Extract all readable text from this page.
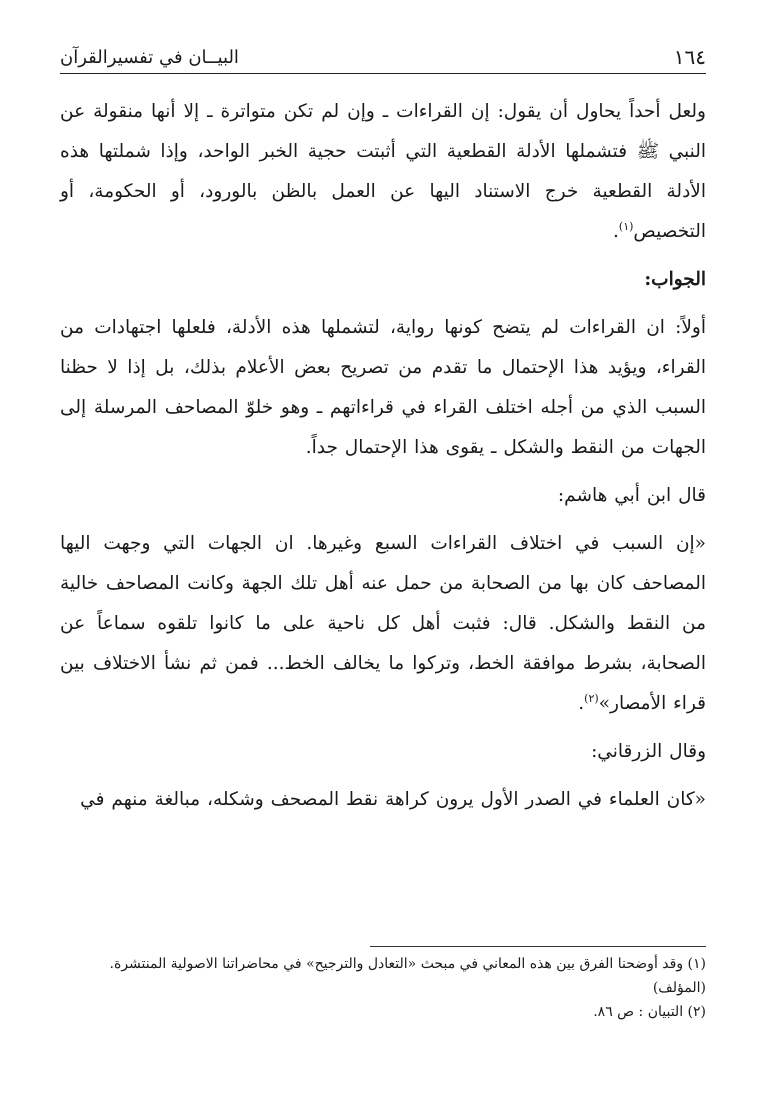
١٦٤
البيــان في تفسيرالقرآن

ولعل أحداً يحاول أن يقول: إن القراءات ـ وإن لم تكن متواترة ـ إلا أنها منقولة عن النبي ﷺ فتشملها الأدلة القطعية التي أثبتت حجية الخبر الواحد، وإذا شملتها هذه الأدلة القطعية خرج الاستناد اليها عن العمل بالظن بالورود، أو الحكومة، أو التخصيص$^{(١)}$.

الجواب:

أولاً: ان القراءات لم يتضح كونها رواية، لتشملها هذه الأدلة، فلعلها اجتهادات من القراء، ويؤيد هذا الإحتمال ما تقدم من تصريح بعض الأعلام بذلك، بل إذا لا حظنا السبب الذي من أجله اختلف القراء في قراءاتهم ـ وهو خلوّ المصاحف المرسلة إلى الجهات من النقط والشكل ـ يقوى هذا الإحتمال جداً.

قال ابن أبي هاشم:

«إن السبب في اختلاف القراءات السبع وغيرها. ان الجهات التي وجهت اليها المصاحف كان بها من الصحابة من حمل عنه أهل تلك الجهة وكانت المصاحف خالية من النقط والشكل. قال: فثبت أهل كل ناحية على ما كانوا تلقوه سماعاً عن الصحابة، بشرط موافقة الخط، وتركوا ما يخالف الخط... فمن ثم نشأ الاختلاف بين قراء الأمصار»$^{(٢)}$.

وقال الزرقاني:

«كان العلماء في الصدر الأول يرون كراهة نقط المصحف وشكله، مبالغة منهم في

(١) وقد أوضحنا الفرق بين هذه المعاني في مبحث «التعادل والترجيح» في محاضراتنا الاصولية المنتشرة. (المؤلف)

(٢) التبيان : ص ٨٦.
